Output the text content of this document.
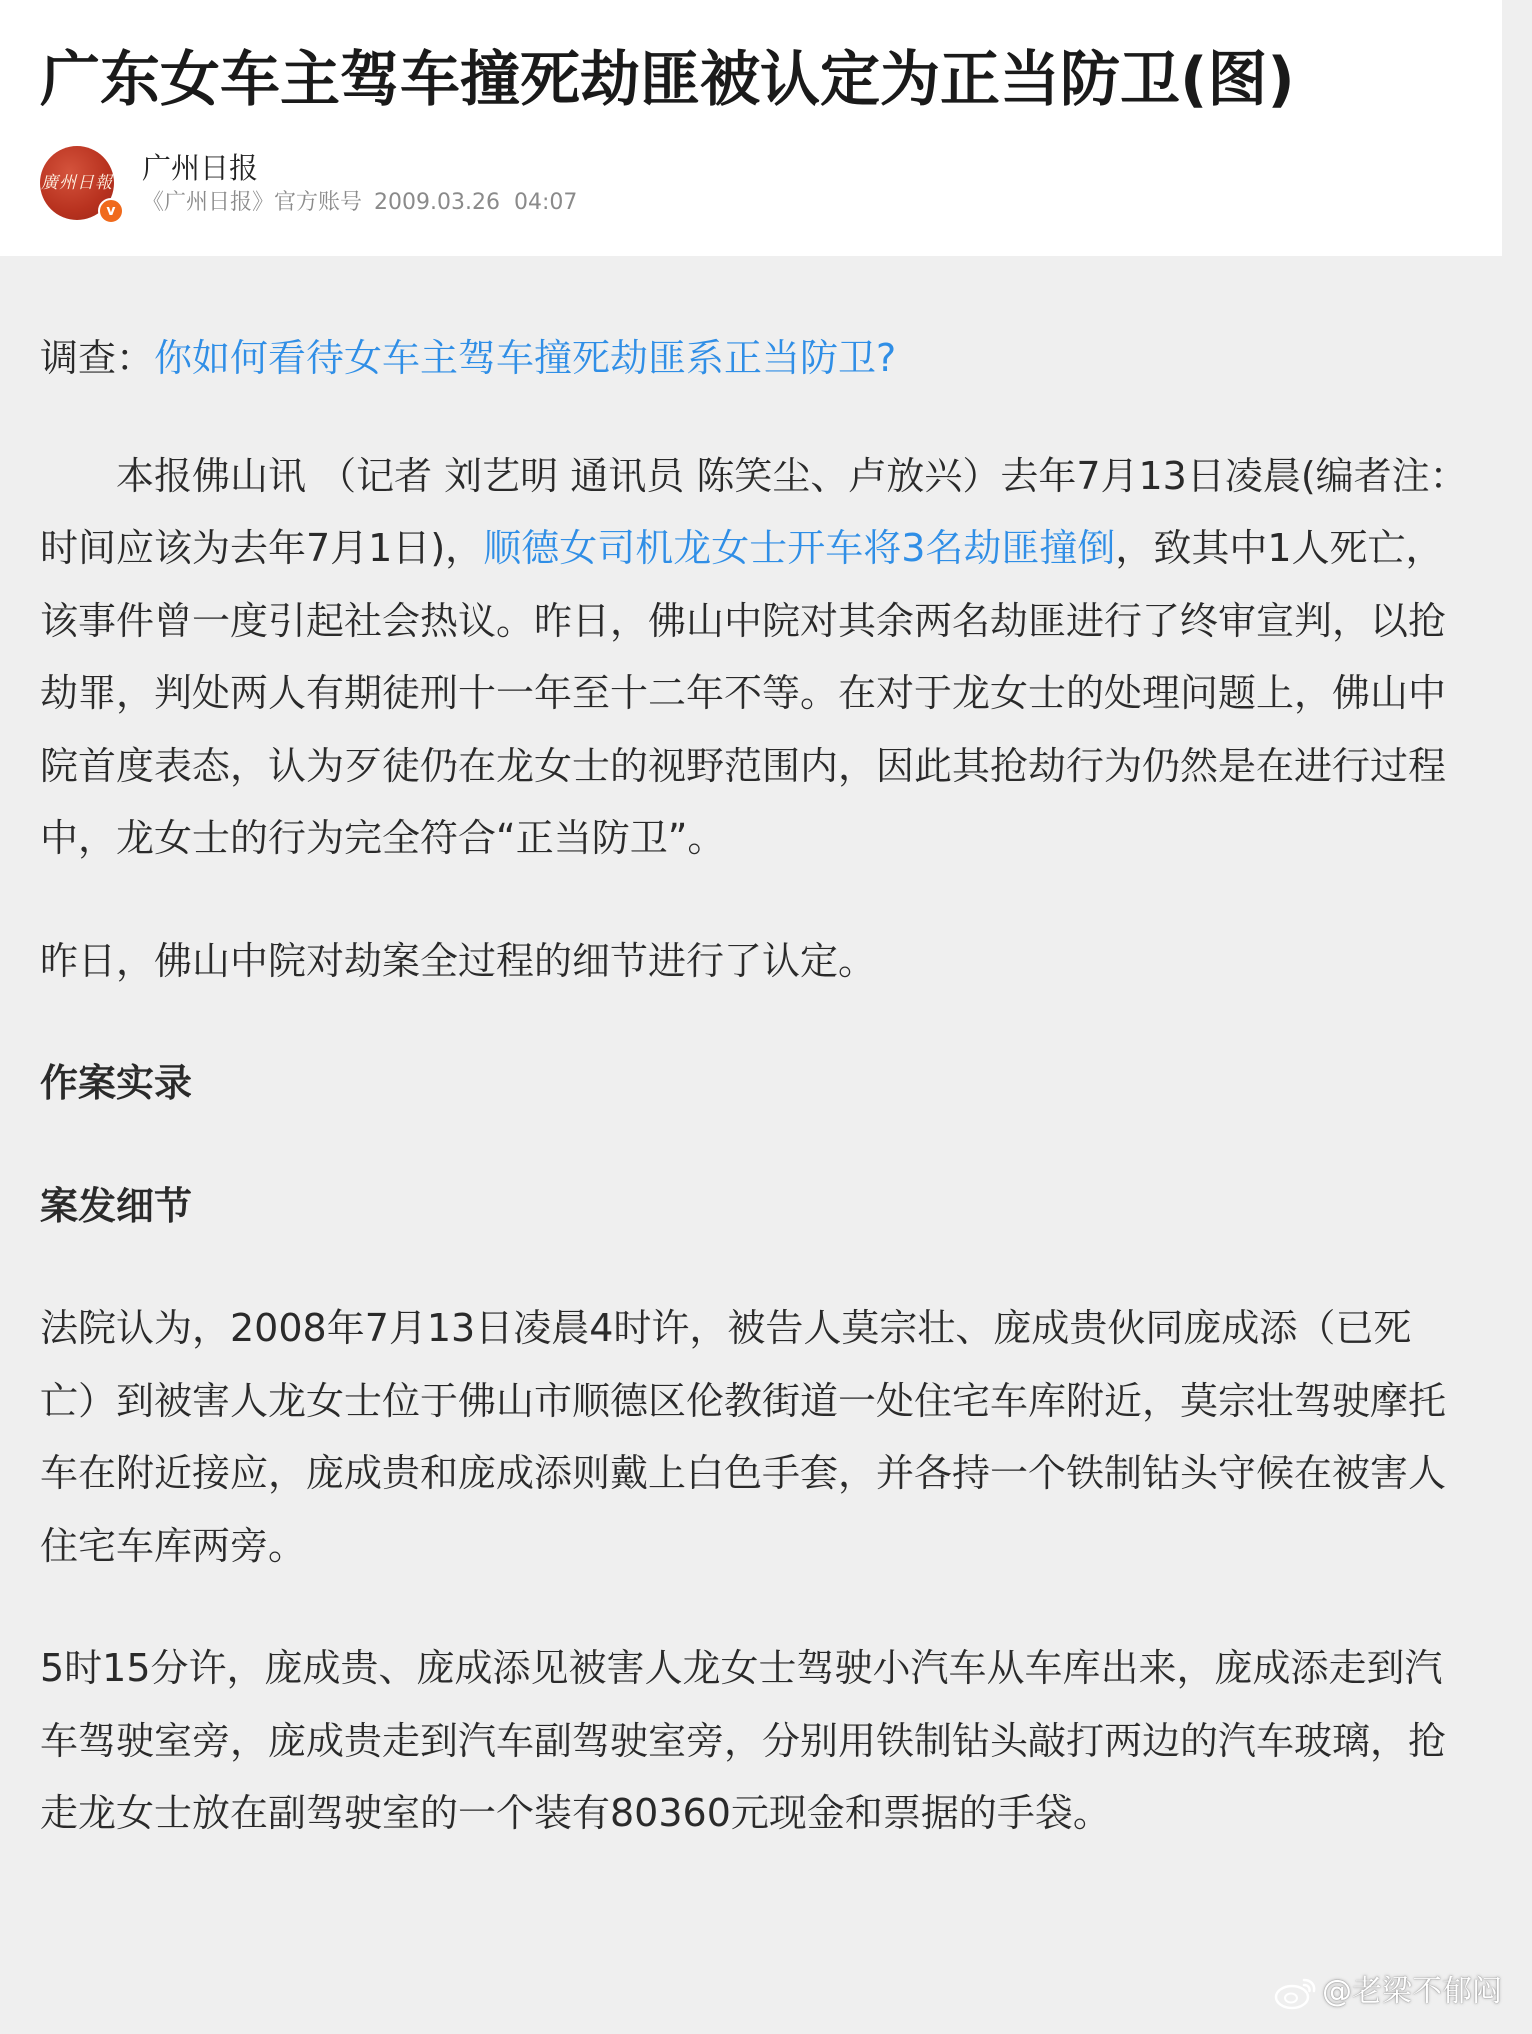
广东女车主驾车撞死劫匪被认定为正当防卫(图)
廣州日報
v
广州日报
《广州日报》官方账号 2009.03.26  04:07

调查：你如何看待女车主驾车撞死劫匪系正当防卫?

本报佛山讯 （记者 刘艺明 通讯员 陈笑尘、卢放兴）去年7月13日凌晨(编者注：时间应该为去年7月1日)，顺德女司机龙女士开车将3名劫匪撞倒，致其中1人死亡，该事件曾一度引起社会热议。昨日，佛山中院对其余两名劫匪进行了终审宣判，以抢劫罪，判处两人有期徒刑十一年至十二年不等。在对于龙女士的处理问题上，佛山中院首度表态，认为歹徒仍在龙女士的视野范围内，因此其抢劫行为仍然是在进行过程中，龙女士的行为完全符合“正当防卫”。

昨日，佛山中院对劫案全过程的细节进行了认定。

作案实录

案发细节

法院认为，2008年7月13日凌晨4时许，被告人莫宗壮、庞成贵伙同庞成添（已死亡）到被害人龙女士位于佛山市顺德区伦教街道一处住宅车库附近，莫宗壮驾驶摩托车在附近接应，庞成贵和庞成添则戴上白色手套，并各持一个铁制钻头守候在被害人住宅车库两旁。

5时15分许，庞成贵、庞成添见被害人龙女士驾驶小汽车从车库出来，庞成添走到汽车驾驶室旁，庞成贵走到汽车副驾驶室旁，分别用铁制钻头敲打两边的汽车玻璃，抢走龙女士放在副驾驶室的一个装有80360元现金和票据的手袋。

@老梁不郁闷
